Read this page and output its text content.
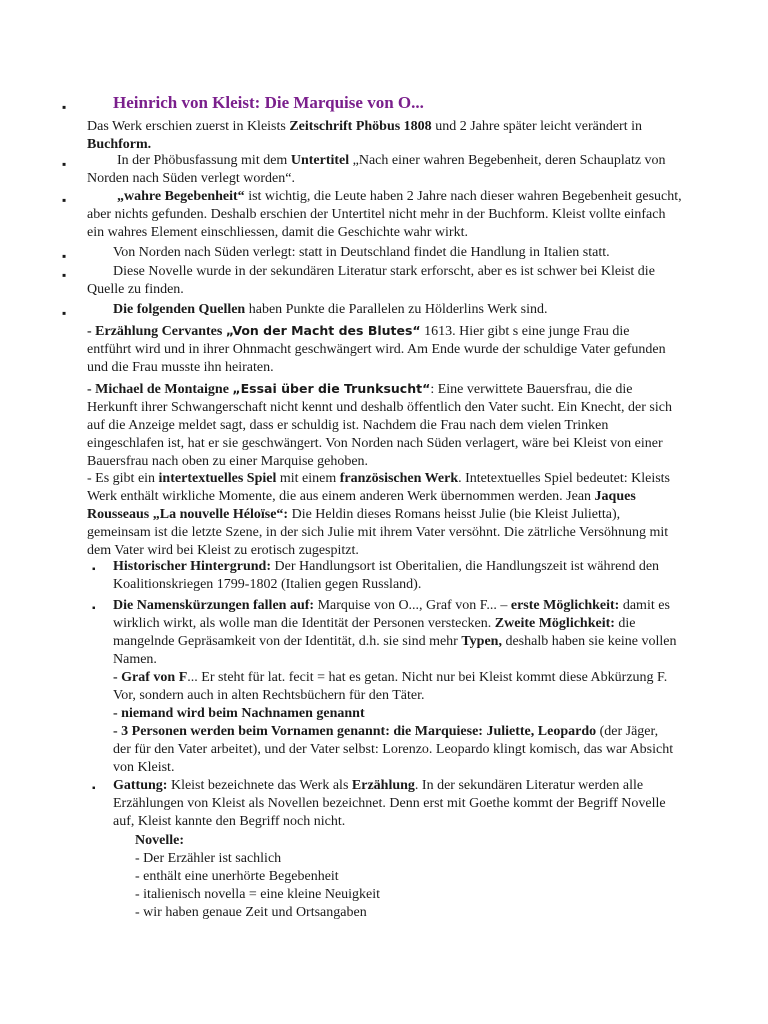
▪	Heinrich von Kleist: Die Marquise von O...

Das Werk erschien zuerst in Kleists Zeitschrift Phöbus 1808 und 2 Jahre später leicht verändert in Buchform.

▪	In der Phöbusfassung mit dem Untertitel „Nach einer wahren Begebenheit, deren Schauplatz von Norden nach Süden verlegt worden“.

▪	„wahre Begebenheit“ ist wichtig, die Leute haben 2 Jahre nach dieser wahren Begebenheit gesucht, aber nichts gefunden. Deshalb erschien der Untertitel nicht mehr in der Buchform. Kleist vollte einfach ein wahres Element einschliessen, damit die Geschichte wahr wirkt.

▪	Von Norden nach Süden verlegt: statt in Deutschland findet die Handlung in Italien statt.

▪	Diese Novelle wurde in der sekundären Literatur stark erforscht, aber es ist schwer bei Kleist die Quelle zu finden.

▪	Die folgenden Quellen haben Punkte die Parallelen zu Hölderlins Werk sind.

- Erzählung Cervantes „Von der Macht des Blutes“ 1613. Hier gibt s eine junge Frau die entführt wird und in ihrer Ohnmacht geschwängert wird. Am Ende wurde der schuldige Vater gefunden und die Frau musste ihn heiraten.

- Michael de Montaigne „Essai über die Trunksucht“: Eine verwittete Bauersfrau, die die Herkunft ihrer Schwangerschaft nicht kennt und deshalb öffentlich den Vater sucht. Ein Knecht, der sich auf die Anzeige meldet sagt, dass er schuldig ist. Nachdem die Frau nach dem vielen Trinken eingeschlafen ist, hat er sie geschwängert. Von Norden nach Süden verlagert, wäre bei Kleist von einer Bauersfrau nach oben zu einer Marquise gehoben.

- Es gibt ein intertextuelles Spiel mit einem französischen Werk. Intetextuelles Spiel bedeutet: Kleists Werk enthält wirkliche Momente, die aus einem anderen Werk übernommen werden. Jean Jaques Rousseaus „La nouvelle Héloïse“: Die Heldin dieses Romans heisst Julie (bie Kleist Julietta), gemeinsam ist die letzte Szene, in der sich Julie mit ihrem Vater versöhnt. Die zätrliche Versöhnung mit dem Vater wird bei Kleist zu erotisch zugespitzt.

▪ Historischer Hintergrund: Der Handlungsort ist Oberitalien, die Handlungszeit ist während den Koalitionskriegen 1799-1802 (Italien gegen Russland).

▪ Die Namenskürzungen fallen auf: Marquise von O..., Graf von F... – erste Möglichkeit: damit es wirklich wirkt, als wolle man die Identität der Personen verstecken. Zweite Möglichkeit: die mangelnde Gepräsamkeit von der Identität, d.h. sie sind mehr Typen, deshalb haben sie keine vollen Namen.

- Graf von F... Er steht für lat. fecit = hat es getan. Nicht nur bei Kleist kommt diese Abkürzung F. Vor, sondern auch in alten Rechtsbüchern für den Täter.

- niemand wird beim Nachnamen genannt

- 3 Personen werden beim Vornamen genannt: die Marquiese: Juliette, Leopardo (der Jäger, der für den Vater arbeitet), und der Vater selbst: Lorenzo. Leopardo klingt komisch, das war Absicht von Kleist.

▪ Gattung: Kleist bezeichnete das Werk als Erzählung. In der sekundären Literatur werden alle Erzählungen von Kleist als Novellen bezeichnet. Denn erst mit Goethe kommt der Begriff Novelle auf, Kleist kannte den Begriff noch nicht.

Novelle:

- Der Erzähler ist sachlich

- enthält eine unerhörte Begebenheit

- italienisch novella = eine kleine Neuigkeit

- wir haben genaue Zeit und Ortsangaben
